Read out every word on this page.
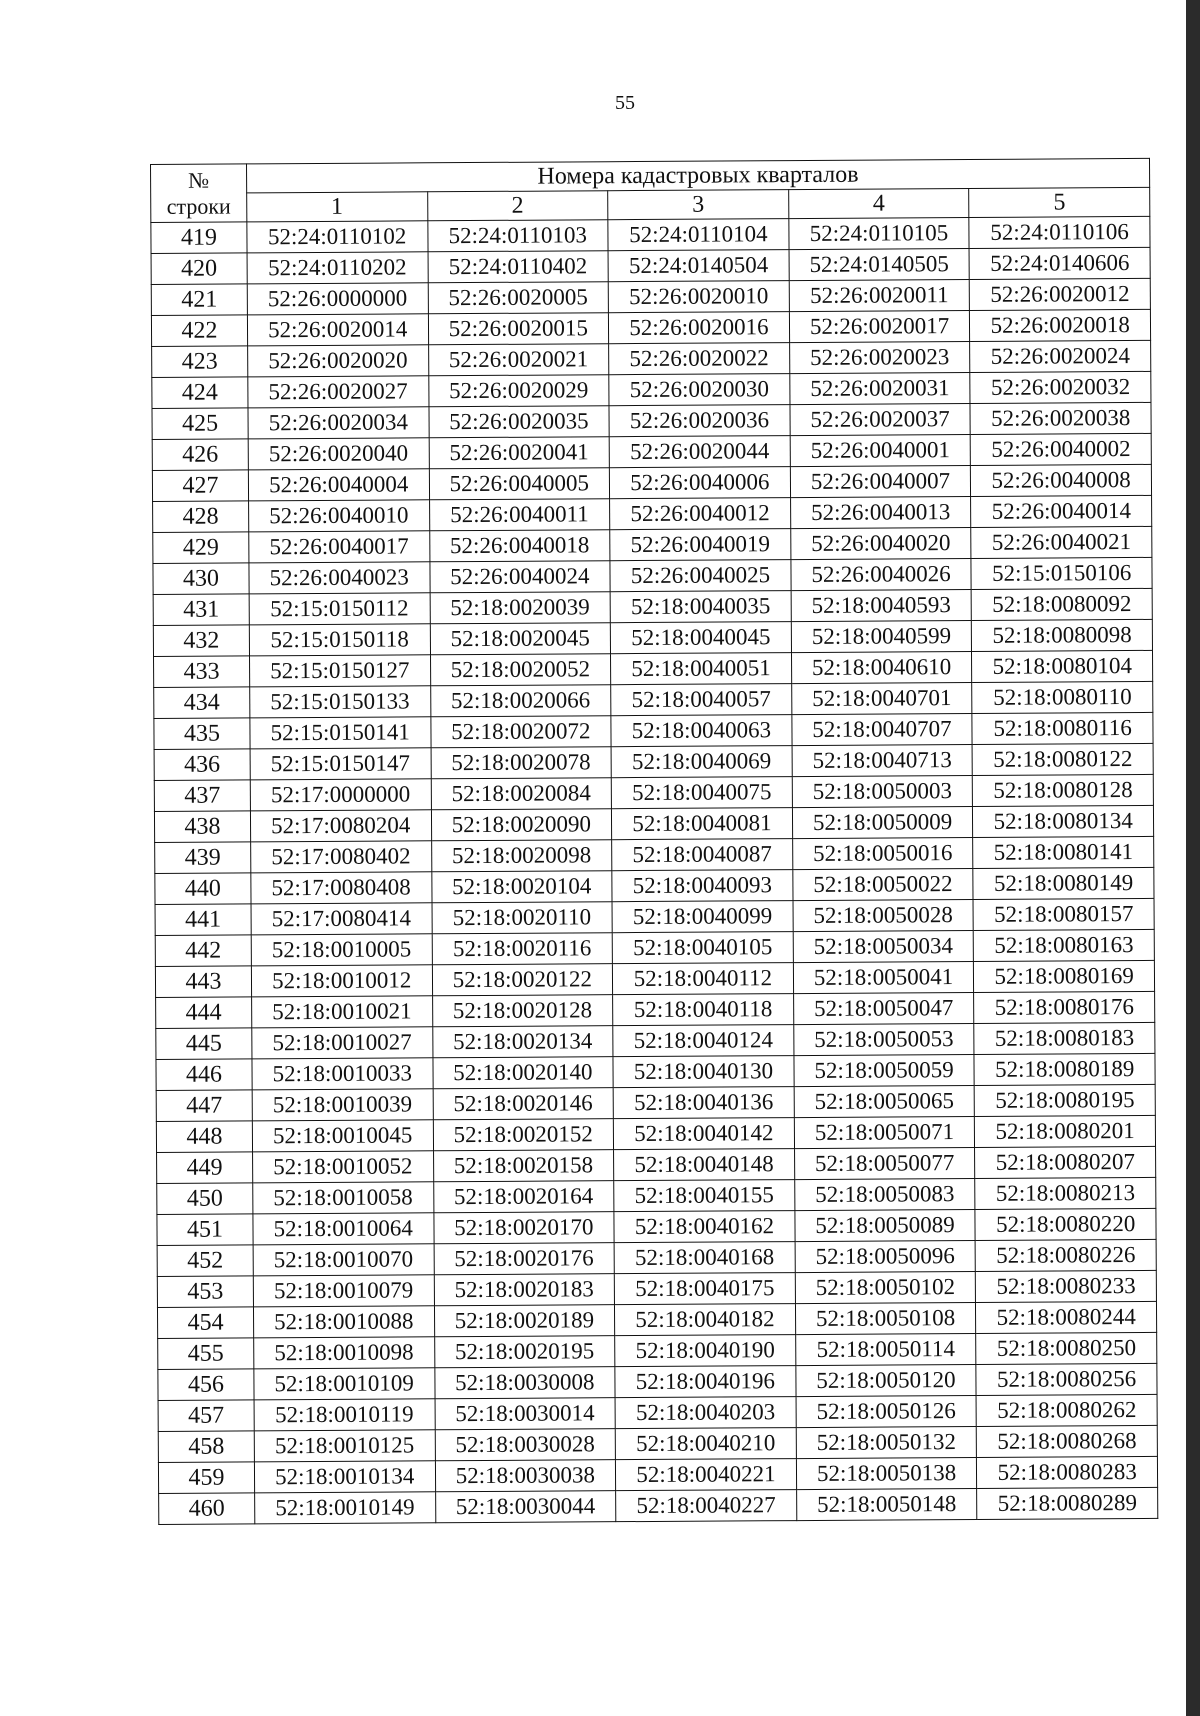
55
№
строки	Номера кадастровых кварталов				
	1	2	3	4	5
419	52:24:0110102	52:24:0110103	52:24:0110104	52:24:0110105	52:24:0110106
420	52:24:0110202	52:24:0110402	52:24:0140504	52:24:0140505	52:24:0140606
421	52:26:0000000	52:26:0020005	52:26:0020010	52:26:0020011	52:26:0020012
422	52:26:0020014	52:26:0020015	52:26:0020016	52:26:0020017	52:26:0020018
423	52:26:0020020	52:26:0020021	52:26:0020022	52:26:0020023	52:26:0020024
424	52:26:0020027	52:26:0020029	52:26:0020030	52:26:0020031	52:26:0020032
425	52:26:0020034	52:26:0020035	52:26:0020036	52:26:0020037	52:26:0020038
426	52:26:0020040	52:26:0020041	52:26:0020044	52:26:0040001	52:26:0040002
427	52:26:0040004	52:26:0040005	52:26:0040006	52:26:0040007	52:26:0040008
428	52:26:0040010	52:26:0040011	52:26:0040012	52:26:0040013	52:26:0040014
429	52:26:0040017	52:26:0040018	52:26:0040019	52:26:0040020	52:26:0040021
430	52:26:0040023	52:26:0040024	52:26:0040025	52:26:0040026	52:15:0150106
431	52:15:0150112	52:18:0020039	52:18:0040035	52:18:0040593	52:18:0080092
432	52:15:0150118	52:18:0020045	52:18:0040045	52:18:0040599	52:18:0080098
433	52:15:0150127	52:18:0020052	52:18:0040051	52:18:0040610	52:18:0080104
434	52:15:0150133	52:18:0020066	52:18:0040057	52:18:0040701	52:18:0080110
435	52:15:0150141	52:18:0020072	52:18:0040063	52:18:0040707	52:18:0080116
436	52:15:0150147	52:18:0020078	52:18:0040069	52:18:0040713	52:18:0080122
437	52:17:0000000	52:18:0020084	52:18:0040075	52:18:0050003	52:18:0080128
438	52:17:0080204	52:18:0020090	52:18:0040081	52:18:0050009	52:18:0080134
439	52:17:0080402	52:18:0020098	52:18:0040087	52:18:0050016	52:18:0080141
440	52:17:0080408	52:18:0020104	52:18:0040093	52:18:0050022	52:18:0080149
441	52:17:0080414	52:18:0020110	52:18:0040099	52:18:0050028	52:18:0080157
442	52:18:0010005	52:18:0020116	52:18:0040105	52:18:0050034	52:18:0080163
443	52:18:0010012	52:18:0020122	52:18:0040112	52:18:0050041	52:18:0080169
444	52:18:0010021	52:18:0020128	52:18:0040118	52:18:0050047	52:18:0080176
445	52:18:0010027	52:18:0020134	52:18:0040124	52:18:0050053	52:18:0080183
446	52:18:0010033	52:18:0020140	52:18:0040130	52:18:0050059	52:18:0080189
447	52:18:0010039	52:18:0020146	52:18:0040136	52:18:0050065	52:18:0080195
448	52:18:0010045	52:18:0020152	52:18:0040142	52:18:0050071	52:18:0080201
449	52:18:0010052	52:18:0020158	52:18:0040148	52:18:0050077	52:18:0080207
450	52:18:0010058	52:18:0020164	52:18:0040155	52:18:0050083	52:18:0080213
451	52:18:0010064	52:18:0020170	52:18:0040162	52:18:0050089	52:18:0080220
452	52:18:0010070	52:18:0020176	52:18:0040168	52:18:0050096	52:18:0080226
453	52:18:0010079	52:18:0020183	52:18:0040175	52:18:0050102	52:18:0080233
454	52:18:0010088	52:18:0020189	52:18:0040182	52:18:0050108	52:18:0080244
455	52:18:0010098	52:18:0020195	52:18:0040190	52:18:0050114	52:18:0080250
456	52:18:0010109	52:18:0030008	52:18:0040196	52:18:0050120	52:18:0080256
457	52:18:0010119	52:18:0030014	52:18:0040203	52:18:0050126	52:18:0080262
458	52:18:0010125	52:18:0030028	52:18:0040210	52:18:0050132	52:18:0080268
459	52:18:0010134	52:18:0030038	52:18:0040221	52:18:0050138	52:18:0080283
460	52:18:0010149	52:18:0030044	52:18:0040227	52:18:0050148	52:18:0080289
